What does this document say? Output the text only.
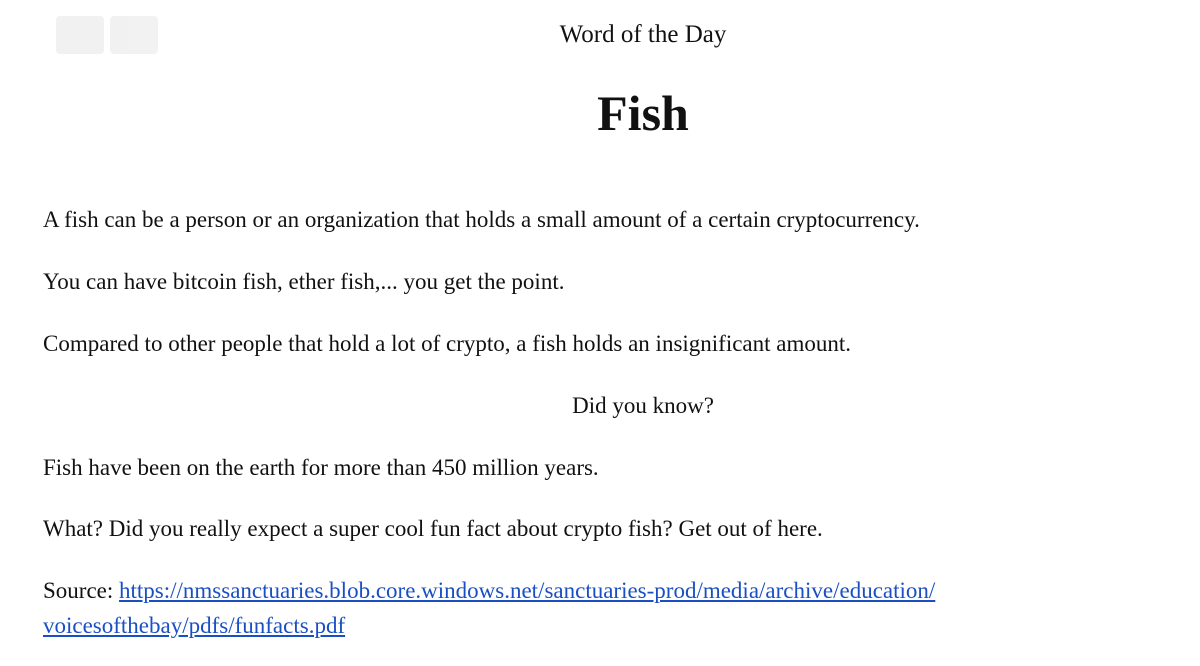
Word of the Day
Fish

A fish can be a person or an organization that holds a small amount of a certain cryptocurrency.

You can have bitcoin fish, ether fish,... you get the point.

Compared to other people that hold a lot of crypto, a fish holds an insignificant amount.

Did you know?

Fish have been on the earth for more than 450 million years.

What? Did you really expect a super cool fun fact about crypto fish? Get out of here.

Source: https://nmssanctuaries.blob.core.windows.net/sanctuaries-prod/media/archive/education/
voicesofthebay/pdfs/funfacts.pdf
